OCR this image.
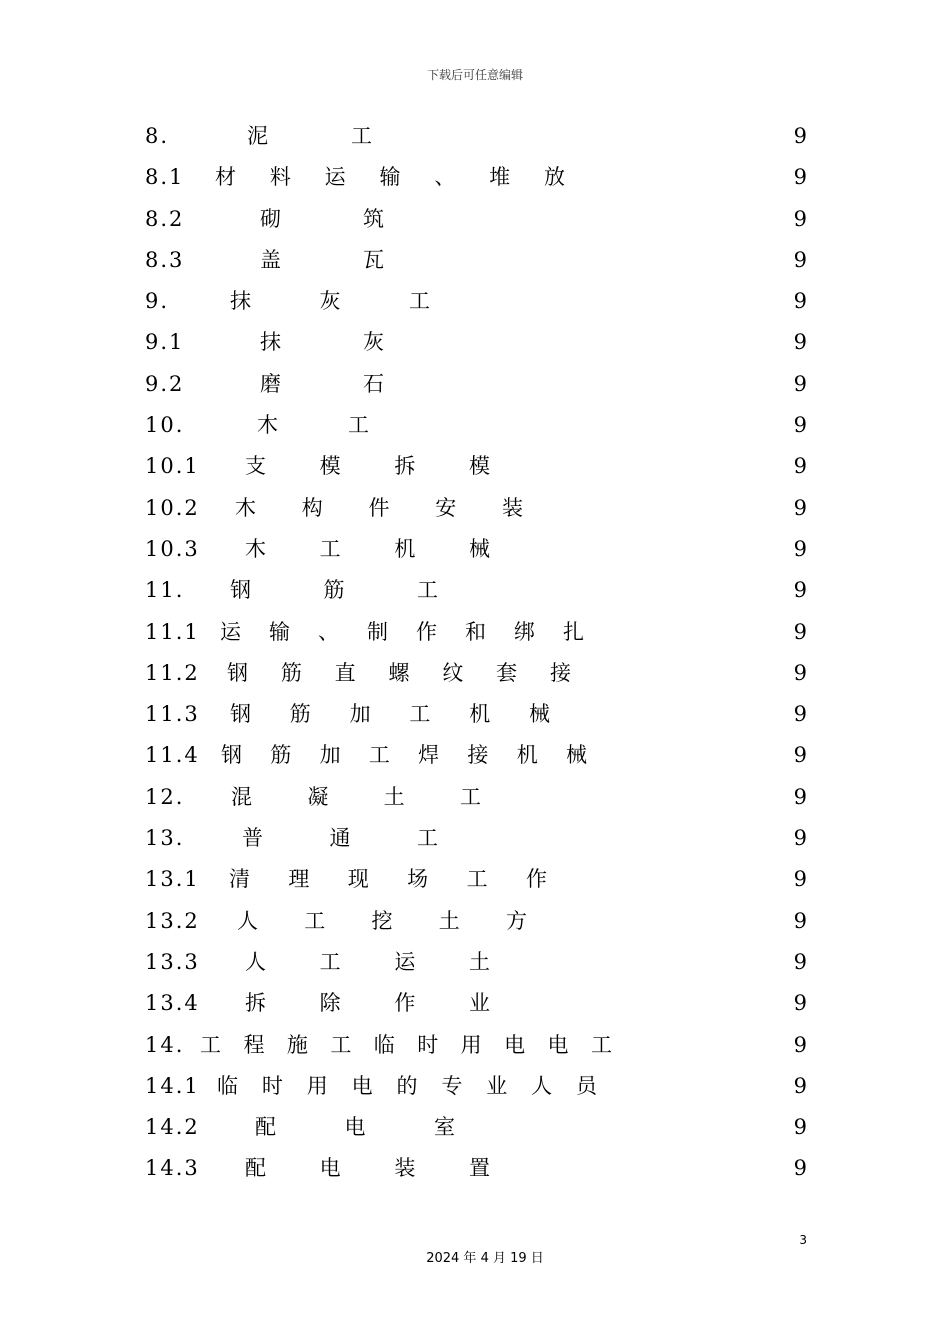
下载后可任意编辑
8.	泥	工	9
8.1 材 料 运 输 、 堆 放	9
8.2	砌	筑	9
8.3	盖	瓦	9
9.	抹	灰	工	9
9.1	抹	灰	9
9.2	磨	石	9
10.	木	工	9
10.1 支	模	拆	模	9
10.2 木 构 件 安 装	9
10.3 木	工	机	械	9
11. 钢	筋	工	9
11.1 运 输 、 制 作 和 绑 扎	9
11.2 钢 筋 直 螺 纹 套 接	9
11.3 钢 筋 加 工 机 械	9
11.4 钢 筋 加 工 焊 接 机 械	9
12. 混	凝	土	工	9
13.	普	通	工	9
13.1 清 理 现 场 工 作	9
13.2 人 工 挖 土 方	9
13.3 人	工	运	土	9
13.4 拆	除	作	业	9
14. 工 程 施 工 临 时 用 电 电 工	9
14.1 临 时 用 电 的 专 业 人 员	9
14.2	配	电	室	9
14.3 配	电	装	置	9
3
2024 年 4 月 19 日
